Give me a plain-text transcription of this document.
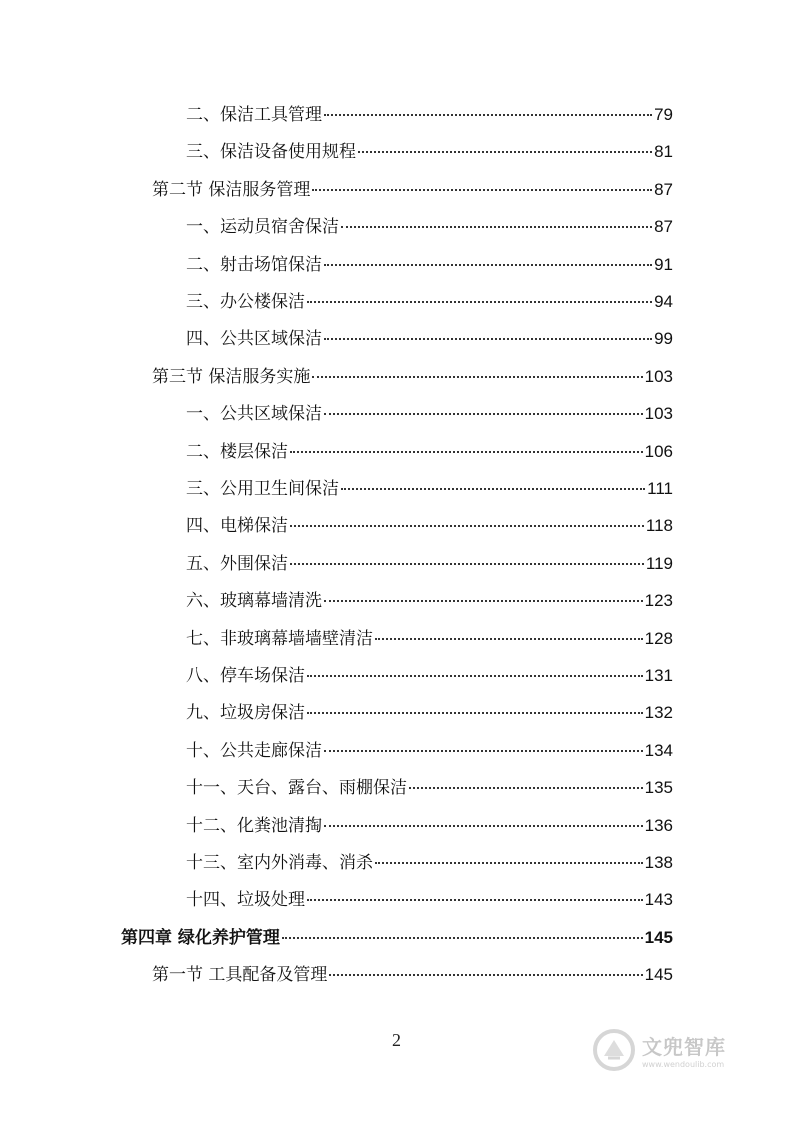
二、保洁工具管理	79
三、保洁设备使用规程	81
第二节 保洁服务管理	87
一、运动员宿舍保洁	87
二、射击场馆保洁	91
三、办公楼保洁	94
四、公共区域保洁	99
第三节 保洁服务实施	103
一、公共区域保洁	103
二、楼层保洁	106
三、公用卫生间保洁	111
四、电梯保洁	118
五、外围保洁	119
六、玻璃幕墙清洗	123
七、非玻璃幕墙墙壁清洁	128
八、停车场保洁	131
九、垃圾房保洁	132
十、公共走廊保洁	134
十一、天台、露台、雨棚保洁	135
十二、化粪池清掏	136
十三、室内外消毒、消杀	138
十四、垃圾处理	143
第四章 绿化养护管理	145
第一节 工具配备及管理	145
2	文兜智库
www.wendoulib.com
